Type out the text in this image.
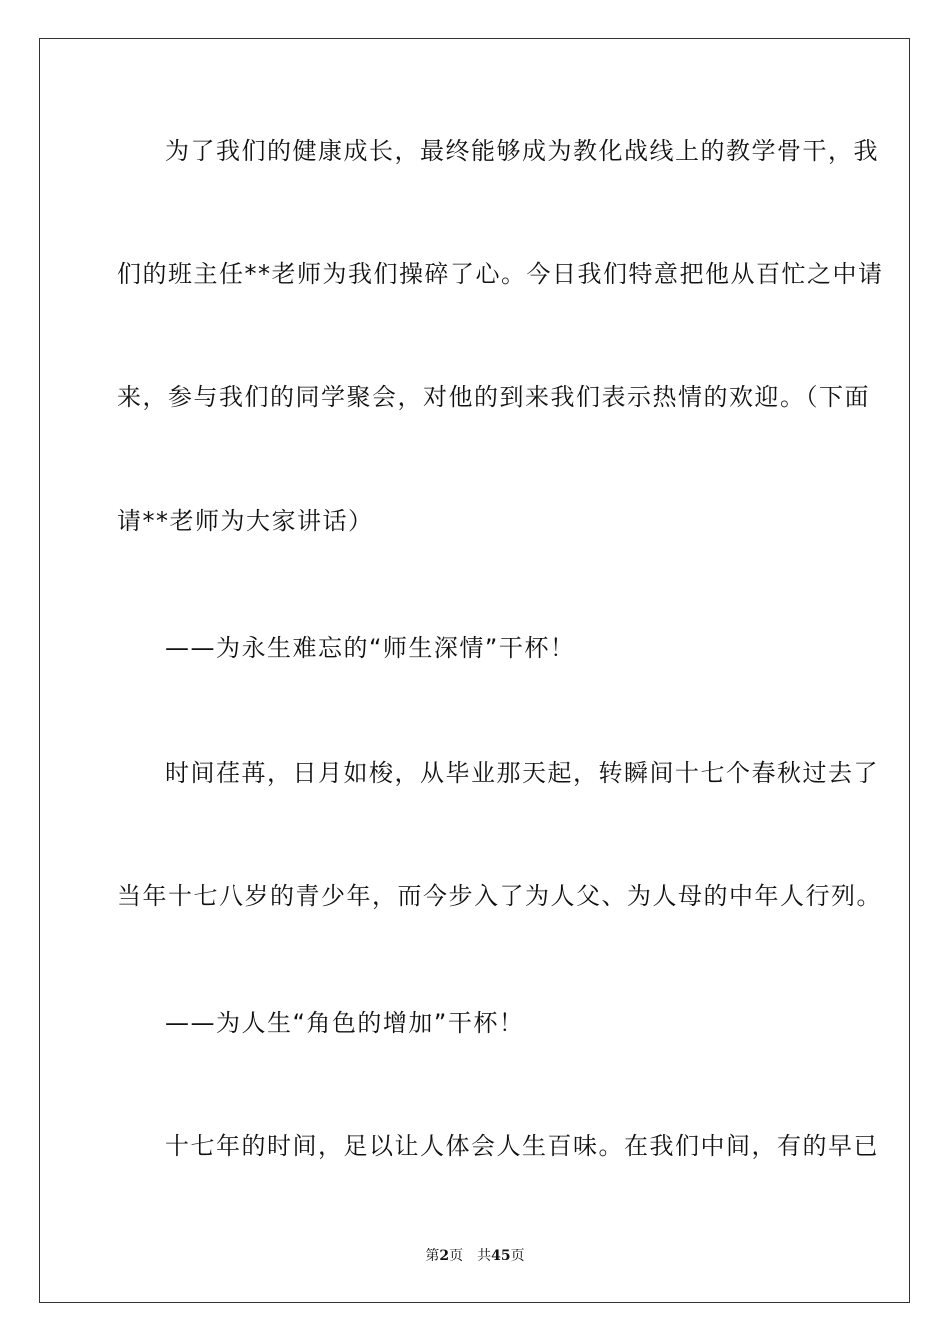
为了我们的健康成长，最终能够成为教化战线上的教学骨干，我
们的班主任**老师为我们操碎了心。今日我们特意把他从百忙之中请
来，参与我们的同学聚会，对他的到来我们表示热情的欢迎。（下面
请**老师为大家讲话）
——为永生难忘的“师生深情”干杯！
时间荏苒，日月如梭，从毕业那天起，转瞬间十七个春秋过去了
当年十七八岁的青少年，而今步入了为人父、为人母的中年人行列。
——为人生“角色的增加”干杯！
十七年的时间，足以让人体会人生百味。在我们中间，有的早已
第2页 共45页
